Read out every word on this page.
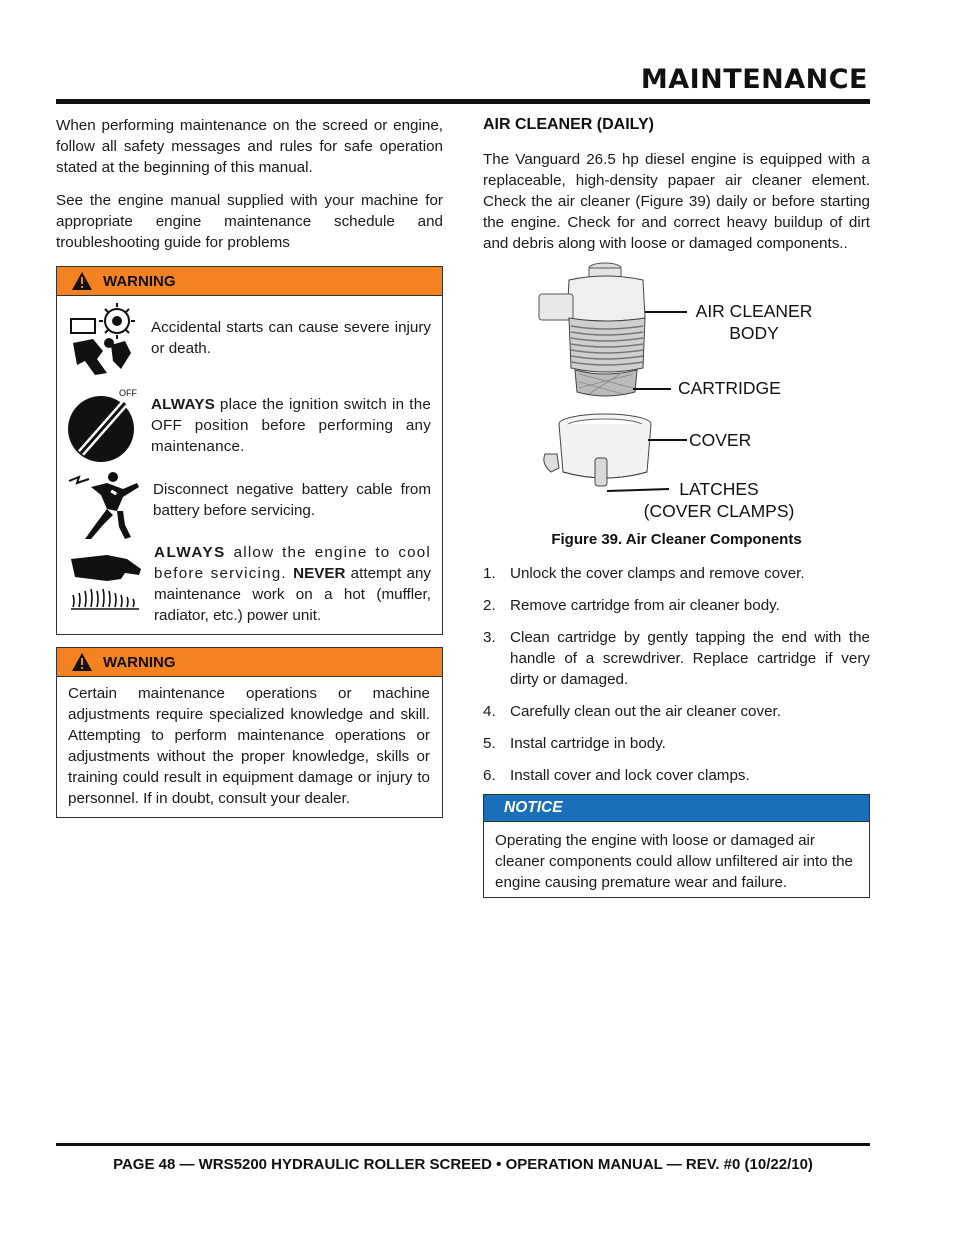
MAINTENANCE

When performing maintenance on the screed or engine, follow all safety messages and rules for safe operation stated at the beginning of this manual.

See the engine manual supplied with your machine for appropriate engine maintenance schedule and troubleshooting guide for problems

WARNING
Accidental starts can cause severe injury or death.
OFF
ALWAYS place the ignition switch in the OFF position before performing any maintenance.
Disconnect negative battery cable from battery before servicing.
ALWAYS allow the engine to cool before servicing. NEVER attempt any maintenance work on a hot (muffler, radiator, etc.) power unit.
WARNING
Certain maintenance operations or machine adjustments require specialized knowledge and skill. Attempting to perform maintenance operations or adjustments without the proper knowledge, skills or training could result in equipment damage or injury to personnel. If in doubt, consult your dealer.
AIR CLEANER (DAILY)

The Vanguard 26.5 hp diesel engine is equipped with a replaceable, high-density papaer air cleaner element. Check the air cleaner (Figure 39) daily or before starting the engine. Check for and correct heavy buildup of dirt and debris along with loose or damaged components..

AIR CLEANER
BODY
CARTRIDGE
COVER
LATCHES
(COVER CLAMPS)
Figure 39. Air Cleaner Components
1. Unlock the cover clamps and remove cover.
2. Remove cartridge from air cleaner body.
3. Clean cartridge by gently tapping the end with the handle of a screwdriver. Replace cartridge if very dirty or damaged.
4. Carefully clean out the air cleaner cover.
5. Instal cartridge in body.
6. Install cover and lock cover clamps.
NOTICE
Operating the engine with loose or damaged air cleaner components could allow unfiltered air into the engine causing premature wear and failure.
PAGE 48 — WRS5200 HYDRAULIC ROLLER SCREED • OPERATION MANUAL — REV. #0 (10/22/10)
